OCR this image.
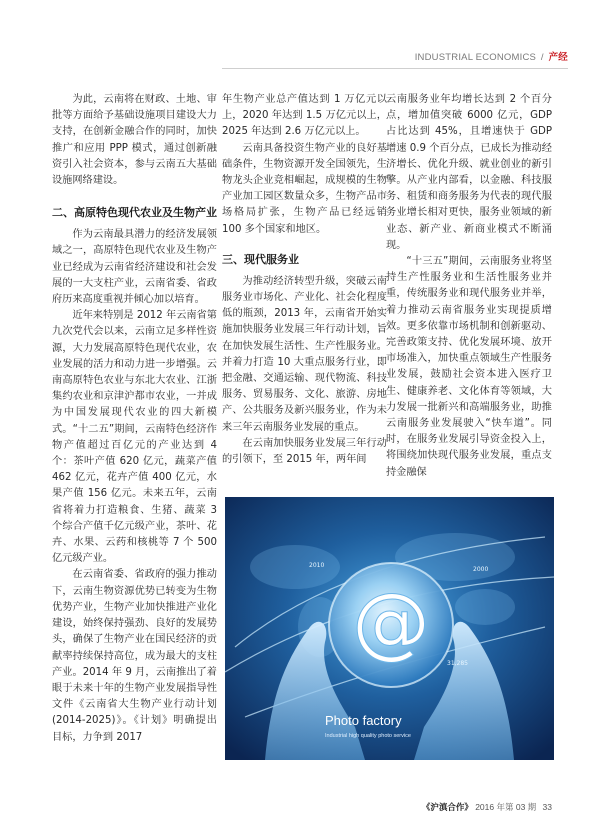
INDUSTRIAL ECONOMICS / 产经

为此，云南将在财政、土地、审批等方面给予基础设施项目建设大力支持，在创新金融合作的同时，加快推广和应用 PPP 模式，通过创新融资引入社会资本，参与云南五大基础设施网络建设。

二、高原特色现代农业及生物产业

作为云南最具潜力的经济发展领域之一，高原特色现代农业及生物产业已经成为云南省经济建设和社会发展的一大支柱产业，云南省委、省政府历来高度重视并倾心加以培育。

近年来特别是 2012 年云南省第九次党代会以来，云南立足多样性资源，大力发展高原特色现代农业，农业发展的活力和动力进一步增强。云南高原特色农业与东北大农业、江浙集约农业和京津沪都市农业，一并成为中国发展现代农业的四大新模式。“十二五”期间，云南特色经济作物产值超过百亿元的产业达到 4 个：茶叶产值 620 亿元，蔬菜产值 462 亿元，花卉产值 400 亿元，水果产值 156 亿元。未来五年，云南省将着力打造粮食、生猪、蔬菜 3 个综合产值千亿元级产业，茶叶、花卉、水果、云药和核桃等 7 个 500 亿元级产业。

在云南省委、省政府的强力推动下，云南生物资源优势已转变为生物优势产业，生物产业加快推进产业化建设，始终保持强劲、良好的发展势头，确保了生物产业在国民经济的贡献率持续保持高位，成为最大的支柱产业。2014 年 9 月，云南推出了着眼于未来十年的生物产业发展指导性文件《云南省大生物产业行动计划 (2014-2025)》。《计划》明确提出目标，力争到 2017

年生物产业总产值达到 1 万亿元以上，2020 年达到 1.5 万亿元以上，2025 年达到 2.6 万亿元以上。

云南具备投资生物产业的良好基础条件，生物资源开发全国领先，生物龙头企业竞相崛起，成规模的生物产业加工园区数量众多，生物产品市场格局扩张，生物产品已经远销 100 多个国家和地区。

三、现代服务业

为推动经济转型升级，突破云南服务业市场化、产业化、社会化程度低的瓶颈，2013 年，云南省开始实施加快服务业发展三年行动计划，旨在加快发展生活性、生产性服务业。并着力打造 10 大重点服务行业，即把金融、交通运输、现代物流、科技服务、贸易服务、文化、旅游、房地产、公共服务及新兴服务业，作为未来三年云南服务业发展的重点。

在云南加快服务业发展三年行动的引领下，至 2015 年，两年间

云南服务业年均增长达到 2 个百分点，增加值突破 6000 亿元，GDP 占比达到 45%，且增速快于 GDP 增速 0.9 个百分点，已成长为推动经济增长、优化升级、就业创业的新引擎。从产业内部看，以金融、科技服务、租赁和商务服务为代表的现代服务业增长相对更快，服务业领域的新业态、新产业、新商业模式不断涌现。

“十三五”期间，云南服务业将坚持生产性服务业和生活性服务业并重，传统服务业和现代服务业并举，着力推动云南省服务业实现提质增效。更多依靠市场机制和创新驱动、完善政策支持、优化发展环境、放开市场准入，加快重点领域生产性服务业发展，鼓励社会资本进入医疗卫生、健康养老、文化体育等领域，大力发展一批新兴和高端服务业，助推云南服务业发展驶入“快车道”。同时，在服务业发展引导资金投入上，将围绕加快现代服务业发展，重点支持金融保

@
2010
2000
31,285
Photo factory
Industrial high quality photo service
《沪滇合作》 2016 年第 03 期 33
